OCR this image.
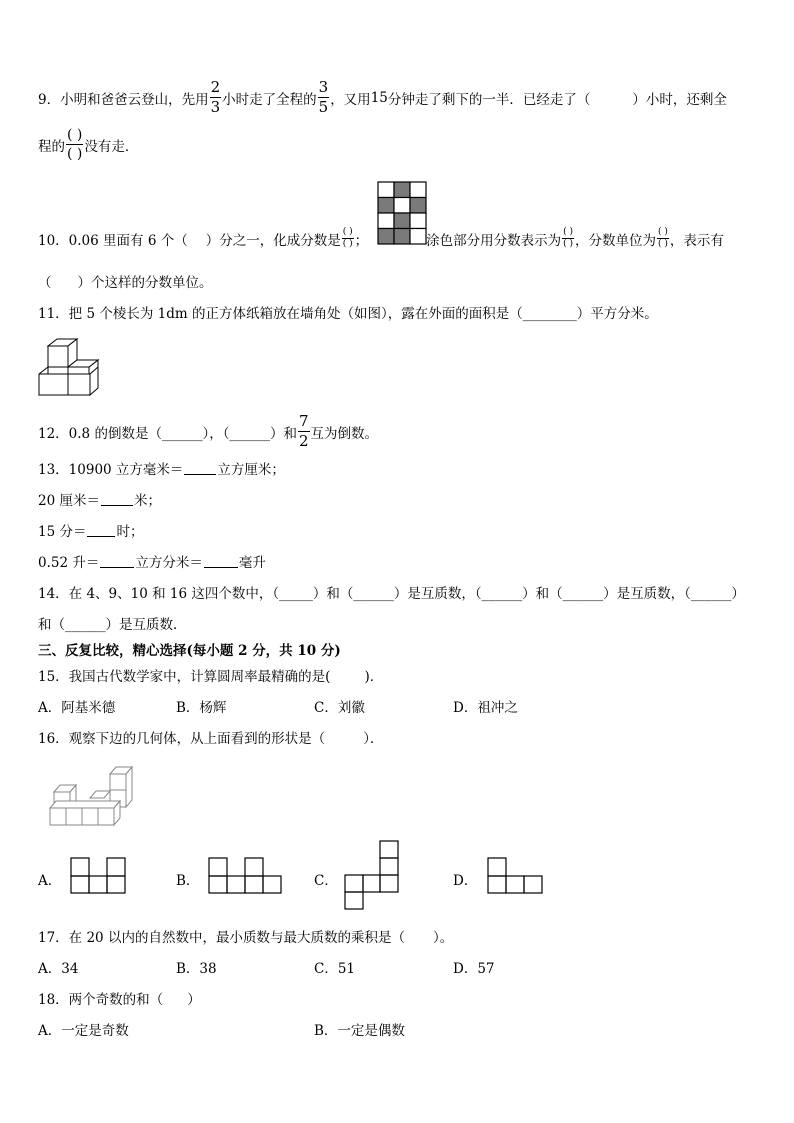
9．小明和爸爸云登山，先用 $\frac{2}{3}$ 小时走了全程的 $\frac{3}{5}$ ，又用 15 分钟走了剩下的一半．已经走了（	）小时，还剩全
程的 $\frac{( )}{( )}$ 没有走．
10．0.06 里面有 6 个（ ）分之一，化成分数是 $\frac{( )}{( )}$ ；	涂色部分用分数表示为 $\frac{( )}{( )}$ ，分数单位为 $\frac{( )}{( )}$ ，表示有
（ ）个这样的分数单位。
11．把 5 个棱长为 1dm 的正方体纸箱放在墙角处（如图），露在外面的面积是（________）平方分米。
12．0.8 的倒数是（______），（______）和 $\frac{7}{2}$ 互为倒数。
13．10900 立方毫米＝	立方厘米；
20 厘米＝	米；
15 分＝ 时；
0.52 升＝	立方分米＝	毫升
14．在 4、9、10 和 16 这四个数中，（_____）和（______）是互质数，（______）和（______）是互质数，（______）
和（______）是互质数．
三、反复比较，精心选择(每小题 2 分，共 10 分)
15．我国古代数学家中，计算圆周率最精确的是(	)．
A．阿基米德	B．杨辉	C．刘徽	D．祖冲之
16．观察下边的几何体，从上面看到的形状是（	）．
A．	B．	C．	D．
17．在 20 以内的自然数中，最小质数与最大质数的乘积是（ ）。
A．34	B．38	C．51	D．57
18．两个奇数的和（ ）
A．一定是奇数	B．一定是偶数
